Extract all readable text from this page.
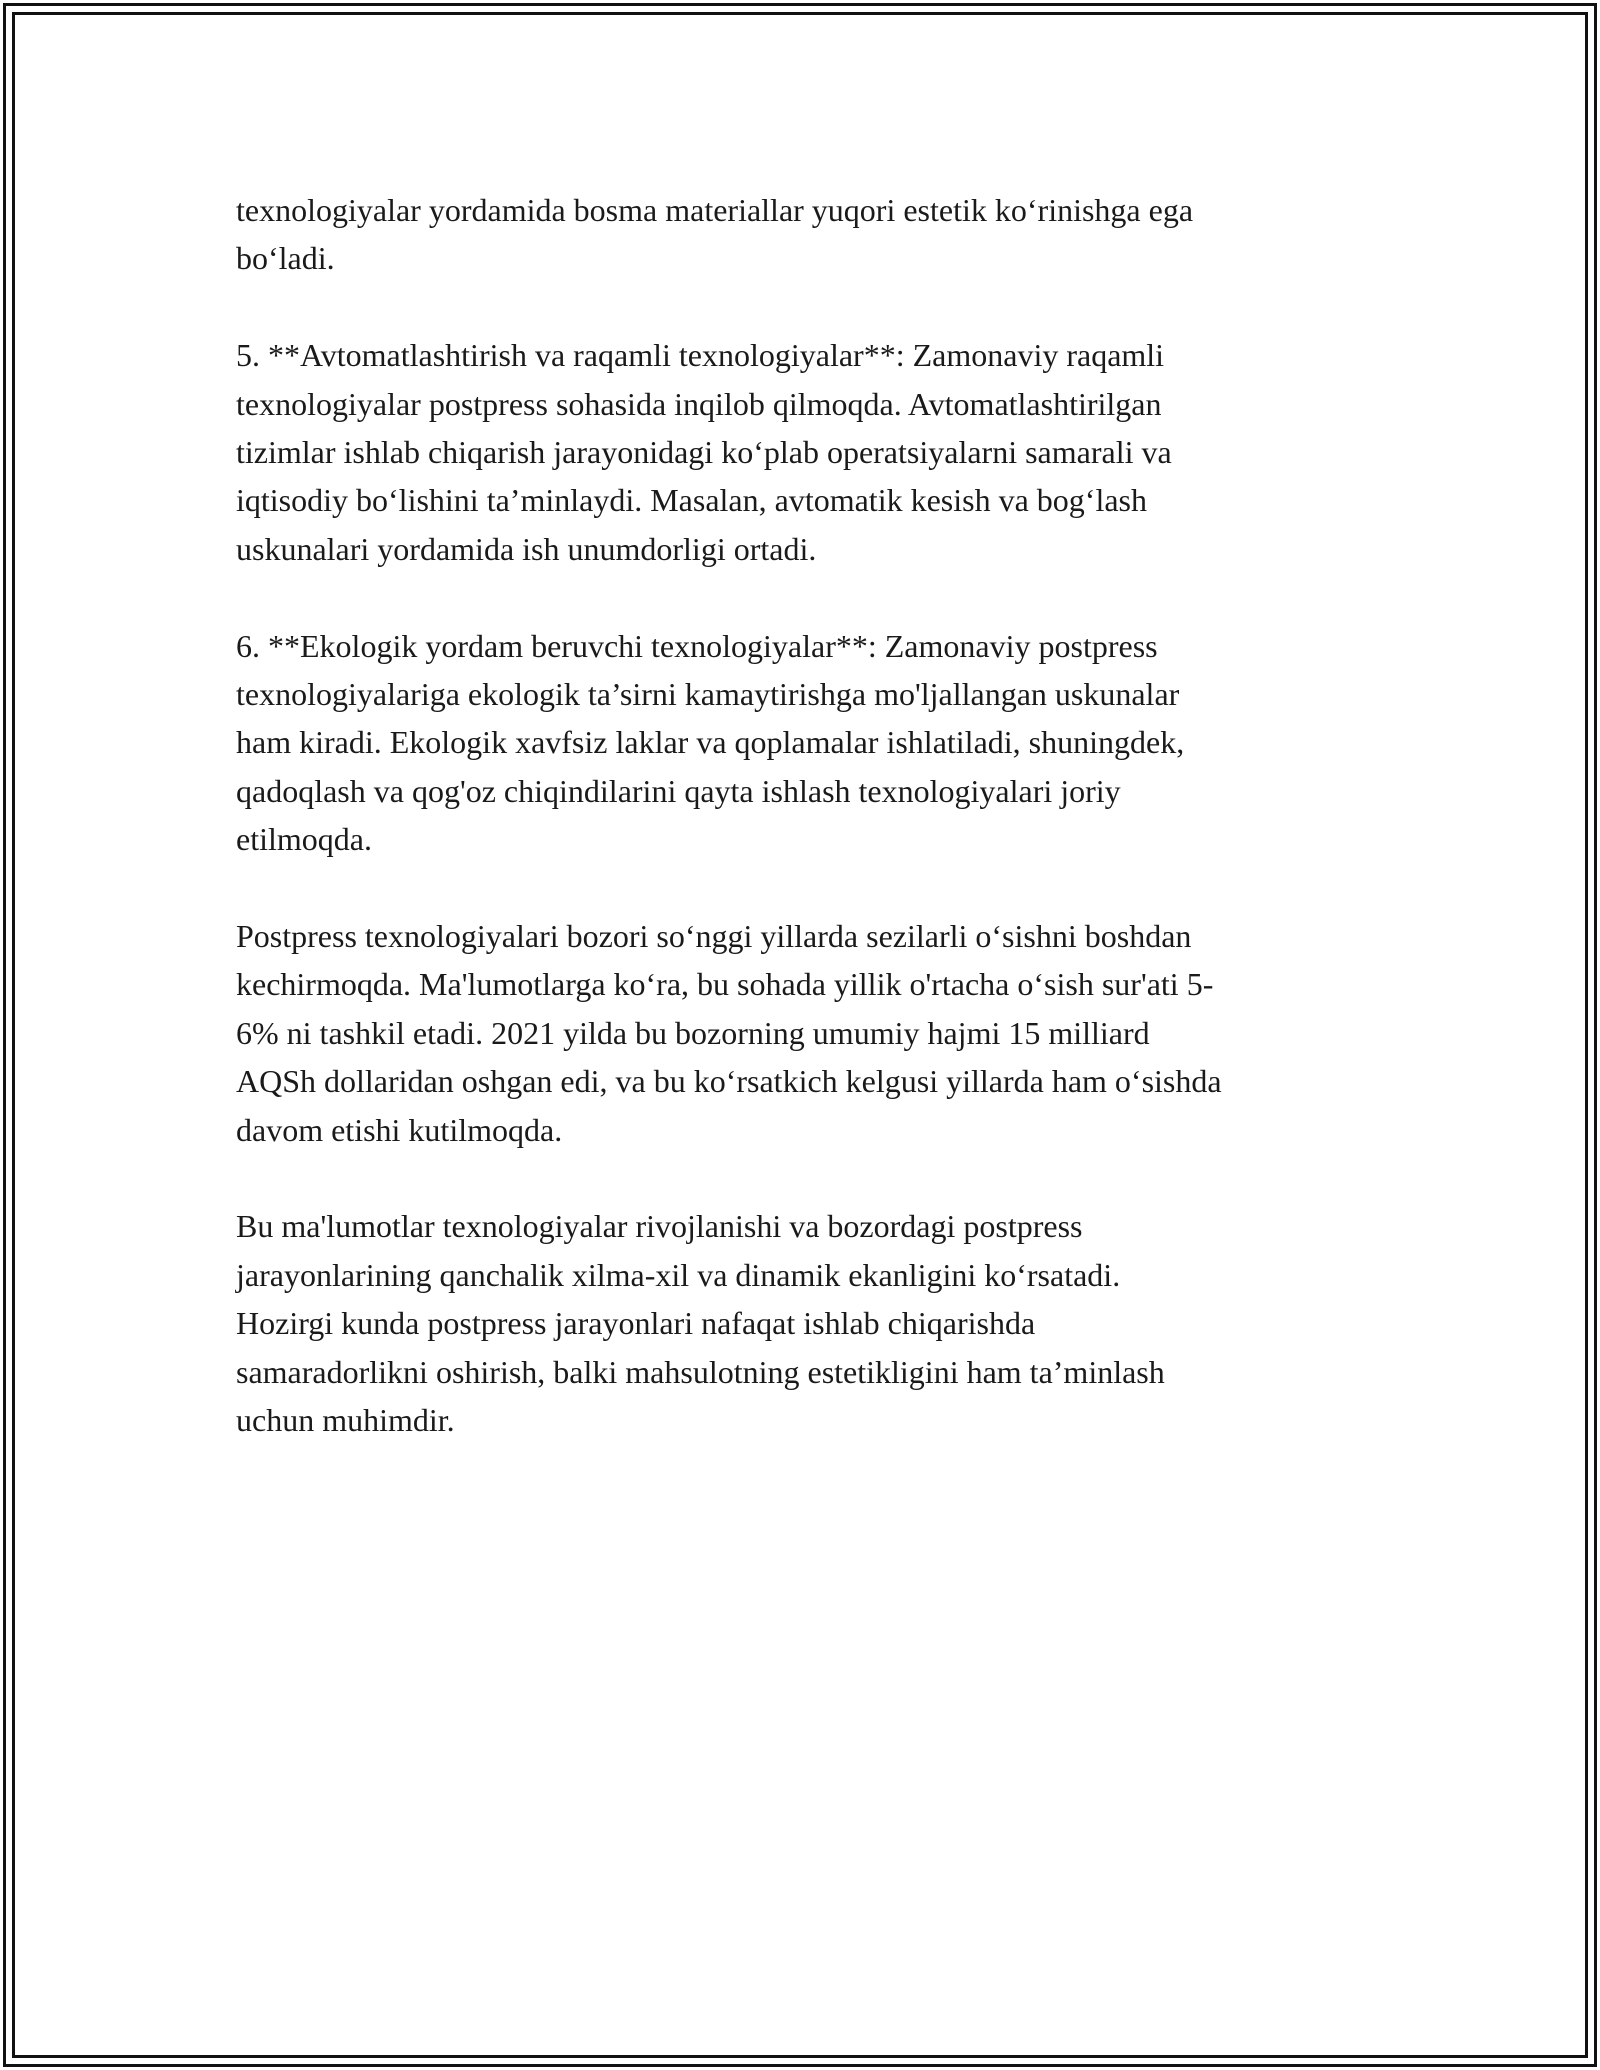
texnologiyalar yordamida bosma materiallar yuqori estetik ko‘rinishga ega
bo‘ladi.

5. **Avtomatlashtirish va raqamli texnologiyalar**: Zamonaviy raqamli
texnologiyalar postpress sohasida inqilob qilmoqda. Avtomatlashtirilgan
tizimlar ishlab chiqarish jarayonidagi ko‘plab operatsiyalarni samarali va
iqtisodiy bo‘lishini ta’minlaydi. Masalan, avtomatik kesish va bog‘lash
uskunalari yordamida ish unumdorligi ortadi.

6. **Ekologik yordam beruvchi texnologiyalar**: Zamonaviy postpress
texnologiyalariga ekologik ta’sirni kamaytirishga mo'ljallangan uskunalar
ham kiradi. Ekologik xavfsiz laklar va qoplamalar ishlatiladi, shuningdek,
qadoqlash va qog'oz chiqindilarini qayta ishlash texnologiyalari joriy
etilmoqda.

Postpress texnologiyalari bozori so‘nggi yillarda sezilarli o‘sishni boshdan
kechirmoqda. Ma'lumotlarga ko‘ra, bu sohada yillik o'rtacha o‘sish sur'ati 5-
6% ni tashkil etadi. 2021 yilda bu bozorning umumiy hajmi 15 milliard
AQSh dollaridan oshgan edi, va bu ko‘rsatkich kelgusi yillarda ham o‘sishda
davom etishi kutilmoqda.

Bu ma'lumotlar texnologiyalar rivojlanishi va bozordagi postpress
jarayonlarining qanchalik xilma-xil va dinamik ekanligini ko‘rsatadi.
Hozirgi kunda postpress jarayonlari nafaqat ishlab chiqarishda
samaradorlikni oshirish, balki mahsulotning estetikligini ham ta’minlash
uchun muhimdir.
